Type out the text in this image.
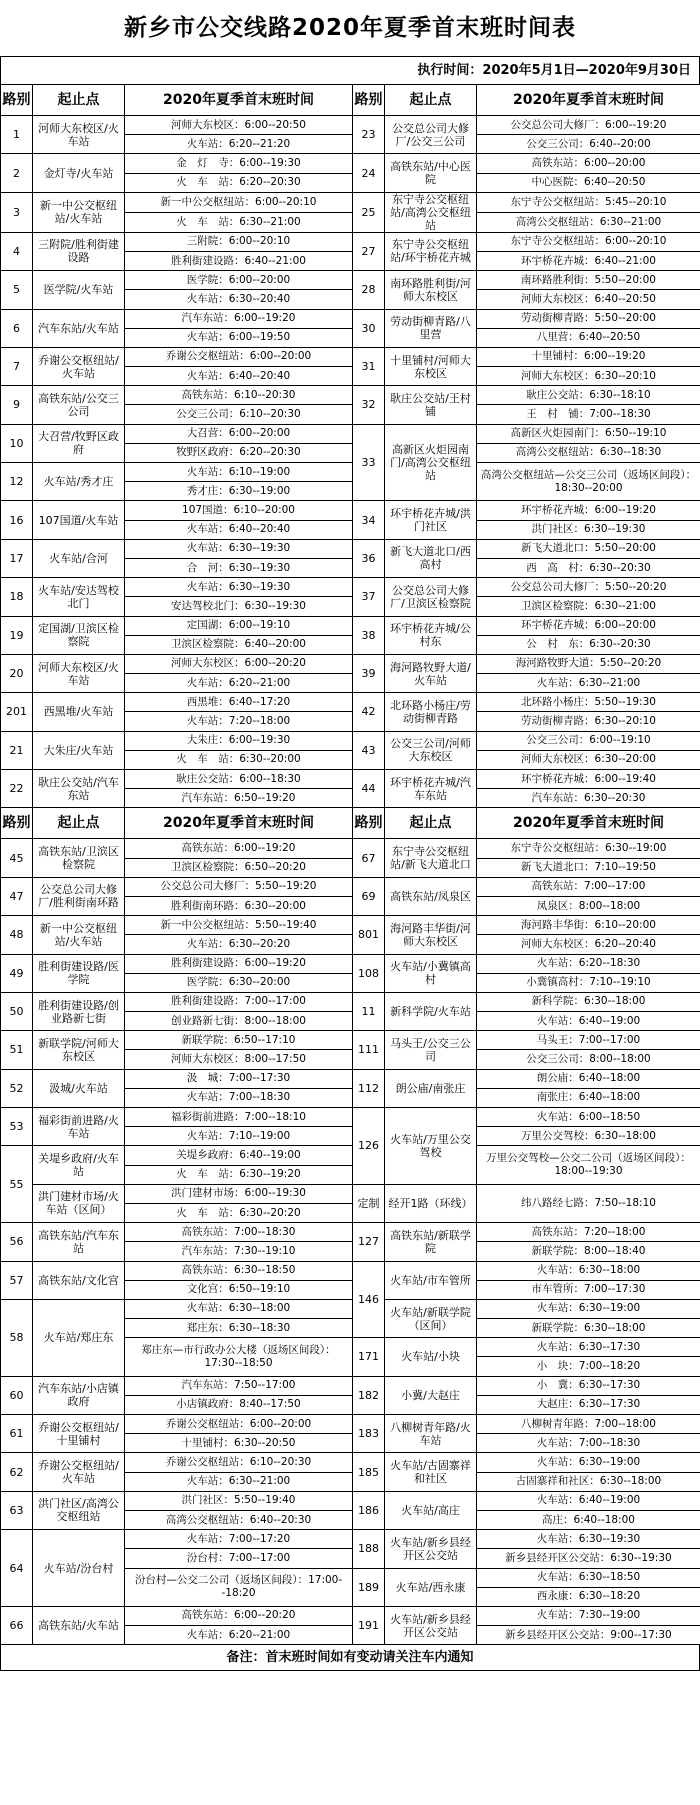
新乡市公交线路2020年夏季首末班时间表
执行时间：2020年5月1日—2020年9月30日
路别	起止点	2020年夏季首末班时间	路别	起止点	2020年夏季首末班时间
1	河师大东校区/火车站	河师大东校区：6:00--20:50	23	公交总公司大修厂/公交三公司	公交总公司大修厂：6:00--19:20
		火车站：6:20--21:20			公交三公司：6:40--20:00
2	金灯寺/火车站	金　灯　寺：6:00--19:30	24	高铁东站/中心医院	高铁东站：6:00--20:00
		火　车　站：6:20--20:30			中心医院：6:40--20:50
3	新一中公交枢纽站/火车站	新一中公交枢纽站：6:00--20:10	25	东宁寺公交枢纽站/高湾公交枢纽站	东宁寺公交枢纽站：5:45--20:10
		火　车　站：6:30--21:00			高湾公交枢纽站：6:30--21:00
4	三附院/胜利街建设路	三附院：6:00--20:10	27	东宁寺公交枢纽站/环宇桥花卉城	东宁寺公交枢纽站：6:00--20:10
		胜利街建设路：6:40--21:00			环宇桥花卉城：6:40--21:00
5	医学院/火车站	医学院：6:00--20:00	28	南环路胜利街/河师大东校区	南环路胜利街：5:50--20:00
		火车站：6:30--20:40			河师大东校区：6:40--20:50
6	汽车东站/火车站	汽车东站：6:00--19:20	30	劳动街柳青路/八里营	劳动街柳青路：5:50--20:00
		火车站：6:00--19:50			八里营：6:40--20:50
7	乔谢公交枢纽站/火车站	乔谢公交枢纽站：6:00--20:00	31	十里铺村/河师大东校区	十里铺村：6:00--19:20
		火车站：6:40--20:40			河师大东校区：6:30--20:10
9	高铁东站/公交三公司	高铁东站：6:10--20:30	32	耿庄公交站/王村铺	耿庄公交站：6:30--18:10
		公交三公司：6:10--20:30			王　村　铺：7:00--18:30
10	大召营/牧野区政府	大召营：6:00--20:00	33	高新区火炬园南门/高湾公交枢纽站	高新区火炬园南门：6:50--19:10
		牧野区政府：6:20--20:30			高湾公交枢纽站：6:30--18:30
12	火车站/秀才庄	火车站：6:10--19:00			高湾公交枢纽站—公交三公司（返场区间段）：18:30--20:00
		秀才庄：6:30--19:00			
16	107国道/火车站	107国道：6:10--20:00	34	环宇桥花卉城/洪门社区	环宇桥花卉城：6:00--19:20
		火车站：6:40--20:40			洪门社区：6:30--19:30
17	火车站/合河	火车站：6:30--19:30	36	新飞大道北口/西高村	新飞大道北口：5:50--20:00
		合　河：6:30--19:30			西　高　村：6:30--20:30
18	火车站/安达驾校北门	火车站：6:30--19:30	37	公交总公司大修厂/卫滨区检察院	公交总公司大修厂：5:50--20:20
		安达驾校北门：6:30--19:30			卫滨区检察院：6:30--21:00
19	定国湖/卫滨区检察院	定国湖：6:00--19:10	38	环宇桥花卉城/公村东	环宇桥花卉城：6:00--20:00
		卫滨区检察院：6:40--20:00			公　村　东：6:30--20:30
20	河师大东校区/火车站	河师大东校区：6:00--20:20	39	海河路牧野大道/火车站	海河路牧野大道：5:50--20:20
		火车站：6:20--21:00			火车站：6:30--21:00
201	西黑堆/火车站	西黑堆：6:40--17:20	42	北环路小杨庄/劳动街柳青路	北环路小杨庄：5:50--19:30
		火车站：7:20--18:00			劳动街柳青路：6:30--20:10
21	大朱庄/火车站	大朱庄：6:00--19:30	43	公交三公司/河师大东校区	公交三公司：6:00--19:10
		火　车　站：6:30--20:00			河师大东校区：6:30--20:00
22	耿庄公交站/汽车东站	耿庄公交站：6:00--18:30	44	环宇桥花卉城/汽车东站	环宇桥花卉城：6:00--19:40
		汽车东站：6:50--19:20			汽车东站：6:30--20:30
路别	起止点	2020年夏季首末班时间	路别	起止点	2020年夏季首末班时间
45	高铁东站/卫滨区检察院	高铁东站：6:00--19:20	67	东宁寺公交枢纽站/新飞大道北口	东宁寺公交枢纽站：6:30--19:00
		卫滨区检察院：6:50--20:20			新飞大道北口：7:10--19:50
47	公交总公司大修厂/胜利街南环路	公交总公司大修厂：5:50--19:20	69	高铁东站/凤泉区	高铁东站：7:00--17:00
		胜利街南环路：6:30--20:00			凤泉区：8:00--18:00
48	新一中公交枢纽站/火车站	新一中公交枢纽站：5:50--19:40	801	海河路丰华街/河师大东校区	海河路丰华街：6:10--20:00
		火车站：6:30--20:20			河师大东校区：6:20--20:40
49	胜利街建设路/医学院	胜利街建设路：6:00--19:20	108	火车站/小冀镇高村	火车站：6:20--18:30
		医学院：6:30--20:00			小冀镇高村：7:10--19:10
50	胜利街建设路/创业路新七街	胜利街建设路：7:00--17:00	11	新科学院/火车站	新科学院：6:30--18:00
		创业路新七街：8:00--18:00			火车站：6:40--19:00
51	新联学院/河师大东校区	新联学院：6:50--17:10	111	马头王/公交三公司	马头王：7:00--17:00
		河师大东校区：8:00--17:50			公交三公司：8:00--18:00
52	汲城/火车站	汲　城：7:00--17:30	112	朗公庙/南张庄	朗公庙：6:40--18:00
		火车站：7:00--18:30			南张庄：6:40--18:00
53	福彩街前进路/火车站	福彩街前进路：7:00--18:10	126	火车站/万里公交驾校	火车站：6:00--18:50
		火车站：7:10--19:00			万里公交驾校：6:30--18:00
55	关堤乡政府/火车站	关堤乡政府：6:40--19:00			万里公交驾校—公交二公司（返场区间段）：18:00--19:30
		火　车　站：6:30--19:20			
	洪门建材市场/火车站（区间）	洪门建材市场：6:00--19:30	定制	经开1路（环线）	纬八路经七路：7:50--18:10
		火　车　站：6:30--20:20			
56	高铁东站/汽车东站	高铁东站：7:00--18:30	127	高铁东站/新联学院	高铁东站：7:20--18:00
		汽车东站：7:30--19:10			新联学院：8:00--18:40
57	高铁东站/文化宫	高铁东站：6:30--18:50	146	火车站/市车管所	火车站：6:30--18:00
		文化宫：6:50--19:10			市车管所：7:00--17:30
58	火车站/郑庄东	火车站：6:30--18:00		火车站/新联学院（区间）	火车站：6:30--19:00
		郑庄东：6:30--18:30			新联学院：6:30--18:00
		郑庄东—市行政办公大楼（返场区间段）：17:30--18:50	171	火车站/小块	火车站：6:30--17:30
					小　块：7:00--18:20
60	汽车东站/小店镇政府	汽车东站：7:50--17:00	182	小冀/大赵庄	小　冀：6:30--17:30
		小店镇政府：8:40--17:50			大赵庄：6:30--17:30
61	乔谢公交枢纽站/十里铺村	乔谢公交枢纽站：6:00--20:00	183	八柳树青年路/火车站	八柳树青年路：7:00--18:00
		十里铺村：6:30--20:50			火车站：7:00--18:30
62	乔谢公交枢纽站/火车站	乔谢公交枢纽站：6:10--20:30	185	火车站/古固寨祥和社区	火车站：6:30--19:00
		火车站：6:30--21:00			古固寨祥和社区：6:30--18:00
63	洪门社区/高湾公交枢纽站	洪门社区：5:50--19:40	186	火车站/高庄	火车站：6:40--19:00
		高湾公交枢纽站：6:40--20:30			高庄：6:40--18:00
64	火车站/汾台村	火车站：7:00--17:20	188	火车站/新乡县经开区公交站	火车站：6:30--19:30
		汾台村：7:00--17:00			新乡县经开区公交站：6:30--19:30
		汾台村—公交二公司（返场区间段）：17:00--18:20	189	火车站/西永康	火车站：6:30--18:50
					西永康：6:30--18:20
66	高铁东站/火车站	高铁东站：6:00--20:20	191	火车站/新乡县经开区公交站	火车站：7:30--19:00
		火车站：6:20--21:00			新乡县经开区公交站：9:00--17:30
备注：首末班时间如有变动请关注车内通知
